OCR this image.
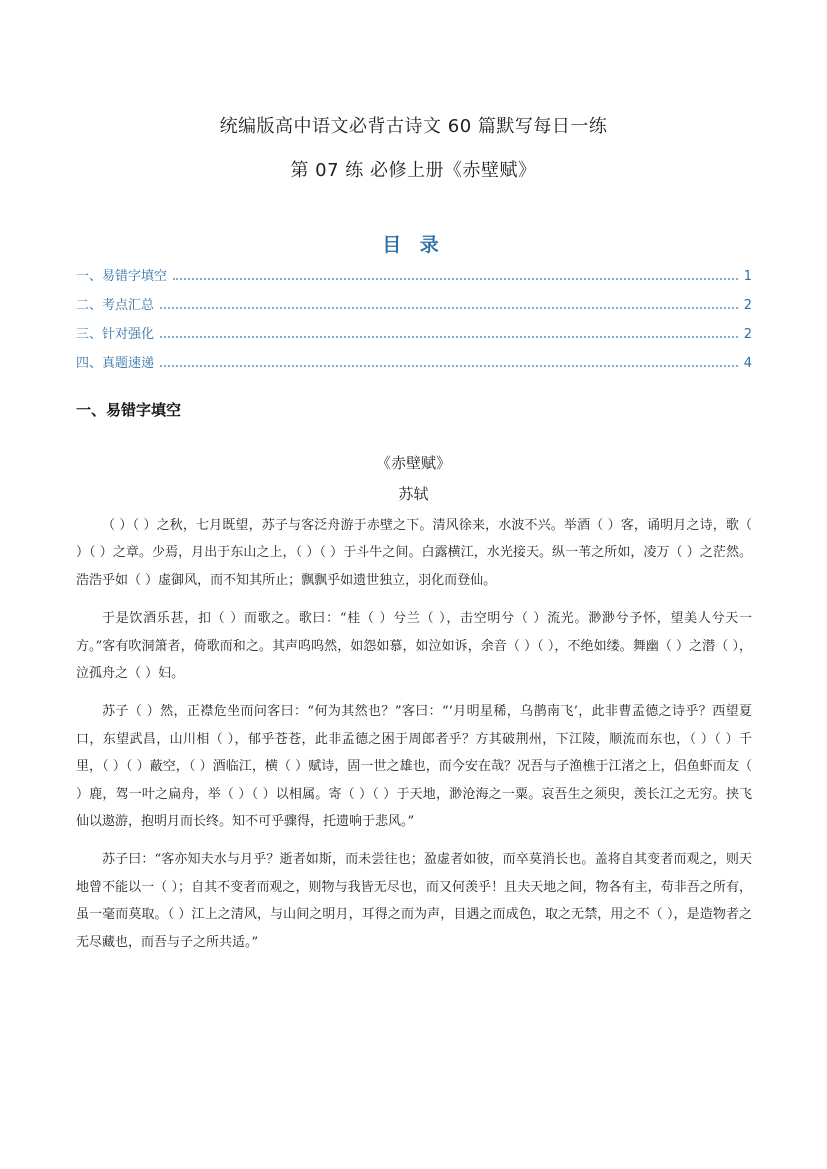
统编版高中语文必背古诗文 60 篇默写每日一练
第 07 练 必修上册《赤壁赋》
目 录
一、易错字填空	1
二、考点汇总	2
三、针对强化	2
四、真题速递	4
一、易错字填空
《赤壁赋》
苏轼

（ ）（ ）之秋，七月既望，苏子与客泛舟游于赤壁之下。清风徐来，水波不兴。举酒（ ）客，诵明月之诗，歌（ ）（ ）之章。少焉，月出于东山之上，（ ）（ ）于斗牛之间。白露横江，水光接天。纵一苇之所如，凌万（ ）之茫然。浩浩乎如（ ）虚御风，而不知其所止；飘飘乎如遗世独立，羽化而登仙。

于是饮酒乐甚，扣（ ）而歌之。歌曰：“桂（ ）兮兰（ ），击空明兮（ ）流光。渺渺兮予怀，望美人兮天一方。”客有吹洞箫者，倚歌而和之。其声呜呜然，如怨如慕，如泣如诉，余音（ ）（ ），不绝如缕。舞幽（ ）之潜（ ），泣孤舟之（ ）妇。

苏子（ ）然，正襟危坐而问客曰：“何为其然也？”客曰：“‘月明星稀，乌鹊南飞’，此非曹孟德之诗乎？西望夏口，东望武昌，山川相（ ），郁乎苍苍，此非孟德之困于周郎者乎？方其破荆州，下江陵，顺流而东也，（ ）（ ）千里，（ ）（ ）蔽空，（ ）酒临江，横（ ）赋诗，固一世之雄也，而今安在哉？况吾与子渔樵于江渚之上，侣鱼虾而友（ ）鹿，驾一叶之扁舟，举（ ）（ ）以相属。寄（ ）（ ）于天地，渺沧海之一粟。哀吾生之须臾，羡长江之无穷。挟飞仙以遨游，抱明月而长终。知不可乎骤得，托遗响于悲风。”

苏子曰：“客亦知夫水与月乎？逝者如斯，而未尝往也；盈虚者如彼，而卒莫消长也。盖将自其变者而观之，则天地曾不能以一（ ）；自其不变者而观之，则物与我皆无尽也，而又何羡乎！且夫天地之间，物各有主，苟非吾之所有，虽一毫而莫取。（ ）江上之清风，与山间之明月，耳得之而为声，目遇之而成色，取之无禁，用之不（ ），是造物者之无尽藏也，而吾与子之所共适。”
